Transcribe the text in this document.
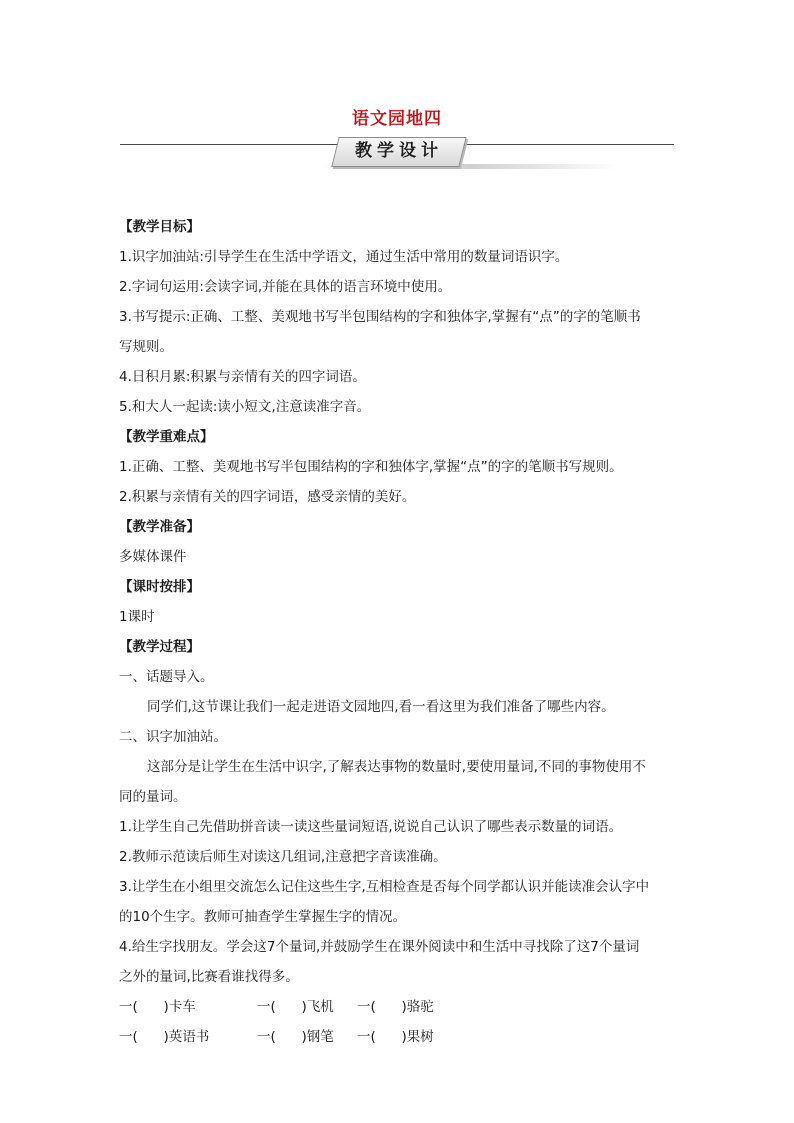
语文园地四
教学设计
【教学目标】
1.识字加油站:引导学生在生活中学语文，通过生活中常用的数量词语识字。
2.字词句运用:会读字词,并能在具体的语言环境中使用。
3.书写提示:正确、工整、美观地书写半包围结构的字和独体字,掌握有“点”的字的笔顺书
写规则。
4.日积月累:积累与亲情有关的四字词语。
5.和大人一起读:读小短文,注意读准字音。
【教学重难点】
1.正确、工整、美观地书写半包围结构的字和独体字,掌握“点”的字的笔顺书写规则。
2.积累与亲情有关的四字词语，感受亲情的美好。
【教学准备】
多媒体课件
【课时按排】
1课时
【教学过程】
一、话题导入。
同学们,这节课让我们一起走进语文园地四,看一看这里为我们准备了哪些内容。
二、识字加油站。
这部分是让学生在生活中识字,了解表达事物的数量时,要使用量词,不同的事物使用不
同的量词。
1.让学生自己先借助拼音读一读这些量词短语,说说自己认识了哪些表示数量的词语。
2.教师示范读后师生对读这几组词,注意把字音读准确。
3.让学生在小组里交流怎么记住这些生字,互相检查是否每个同学都认识并能读准会认字中
的10个生字。教师可抽查学生掌握生字的情况。
4.给生字找朋友。学会这7个量词,并鼓励学生在课外阅读中和生活中寻找除了这7个量词
之外的量词,比赛看谁找得多。
一(      )卡车	一(      )飞机	一(      )骆驼
一(      )英语书	一(      )钢笔	一(      )果树
